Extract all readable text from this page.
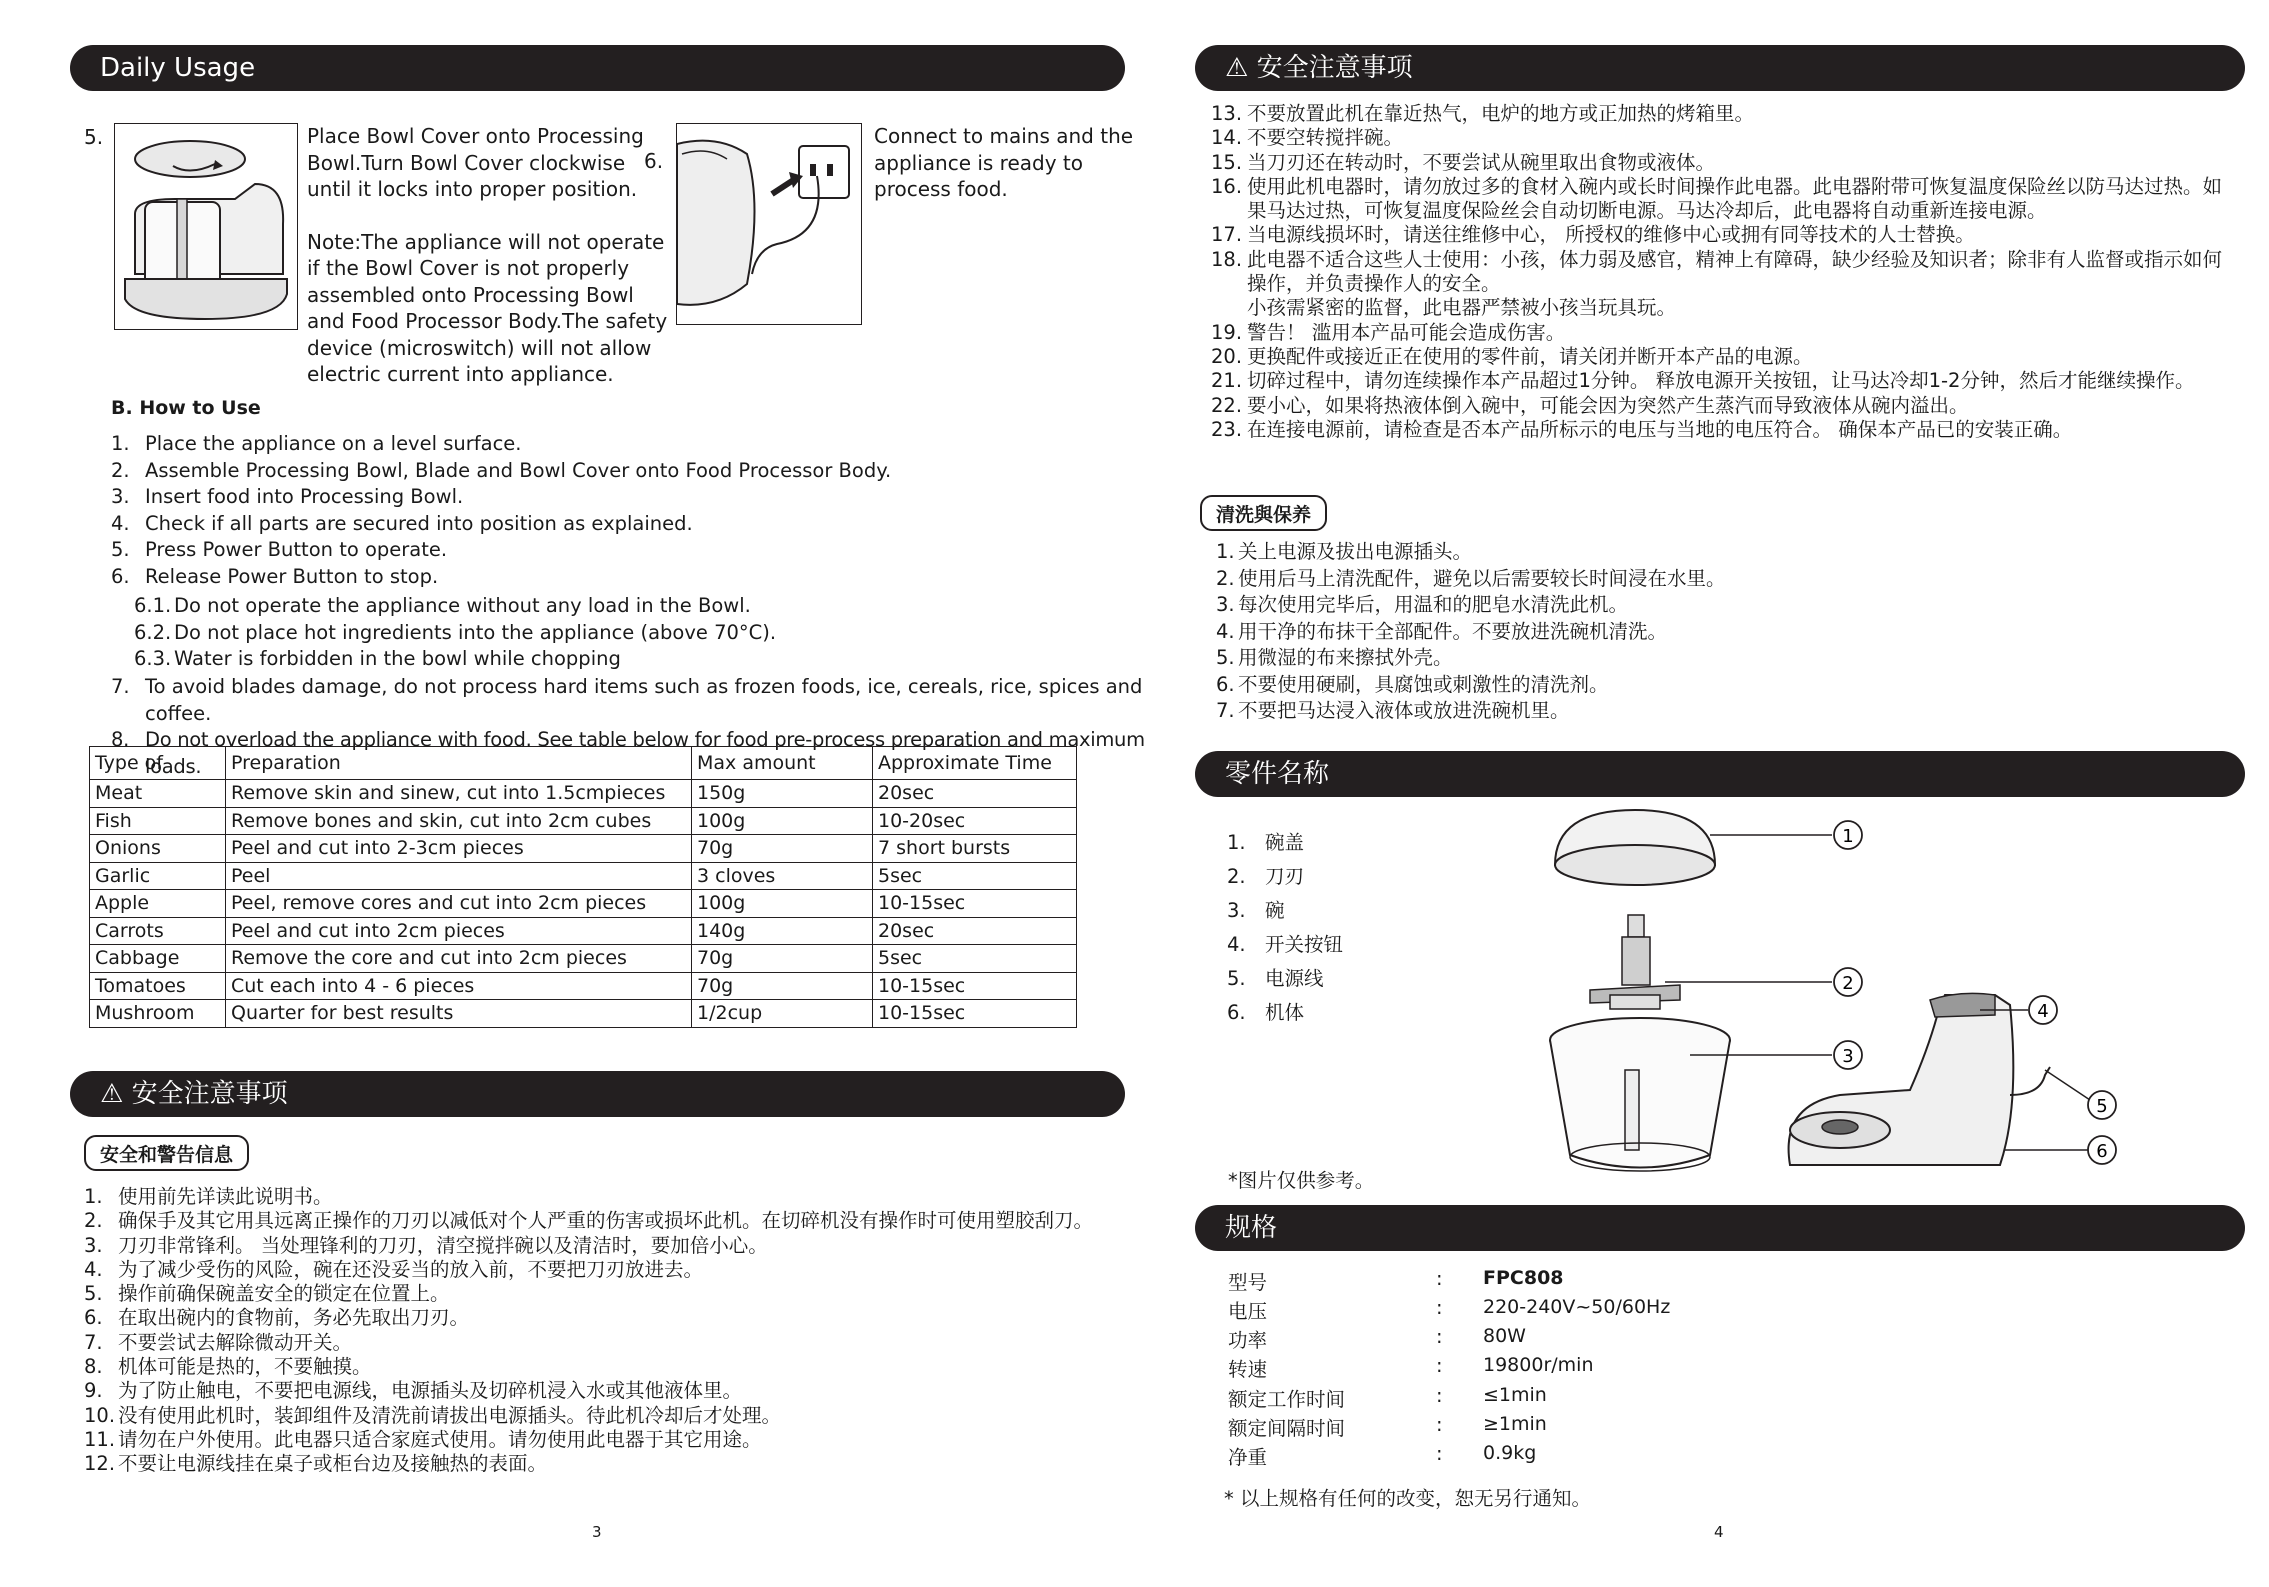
Daily Usage
5.	Place Bowl Cover onto Processing
Bowl.Turn Bowl Cover clockwise
until it locks into proper position.
Note:The appliance will not operate
if the Bowl Cover is not properly
assembled onto Processing Bowl
and Food Processor Body.The safety
device (microswitch) will not allow
electric current into appliance.
6.
Connect to mains and the
appliance is ready to
process food.
B. How to Use
1. Place the appliance on a level surface.
2. Assemble Processing Bowl, Blade and Bowl Cover onto Food Processor Body.
3. Insert food into Processing Bowl.
4. Check if all parts are secured into position as explained.
5. Press Power Button to operate.
6. Release Power Button to stop.
6.1. Do not operate the appliance without any load in the Bowl.
6.2. Do not place hot ingredients into the appliance (above 70°C).
6.3. Water is forbidden in the bowl while chopping
7. To avoid blades damage, do not process hard items such as frozen foods, ice, cereals, rice, spices and coffee.
8. Do not overload the appliance with food. See table below for food pre-process preparation and maximum loads.
Type of	Preparation	Max amount	Approximate Time
Meat	Remove skin and sinew, cut into 1.5cmpieces	150g	20sec
Fish	Remove bones and skin, cut into 2cm cubes	100g	10-20sec
Onions	Peel and cut into 2-3cm pieces	70g	7 short bursts
Garlic	Peel	3 cloves	5sec
Apple	Peel, remove cores and cut into 2cm pieces	100g	10-15sec
Carrots	Peel and cut into 2cm pieces	140g	20sec
Cabbage	Remove the core and cut into 2cm pieces	70g	5sec
Tomatoes	Cut each into 4 - 6 pieces	70g	10-15sec
Mushroom	Quarter for best results	1/2cup	10-15sec
⚠ 安全注意事项
安全和警告信息
1. 使用前先详读此说明书。
2. 确保手及其它用具远离正操作的刀刃以减低对个人严重的伤害或损坏此机。在切碎机没有操作时可使用塑胶刮刀。
3. 刀刃非常锋利。 当处理锋利的刀刃，清空搅拌碗以及清洁时，要加倍小心。
4. 为了减少受伤的风险，碗在还没妥当的放入前，不要把刀刃放进去。
5. 操作前确保碗盖安全的锁定在位置上。
6. 在取出碗内的食物前，务必先取出刀刃。
7. 不要尝试去解除微动开关。
8. 机体可能是热的，不要触摸。
9. 为了防止触电，不要把电源线，电源插头及切碎机浸入水或其他液体里。
10. 没有使用此机时，装卸组件及清洗前请拔出电源插头。待此机冷却后才处理。
11. 请勿在户外使用。此电器只适合家庭式使用。请勿使用此电器于其它用途。
12. 不要让电源线挂在桌子或柜台边及接触热的表面。
3
⚠ 安全注意事项
13. 不要放置此机在靠近热气，电炉的地方或正加热的烤箱里。
14. 不要空转搅拌碗。
15. 当刀刃还在转动时，不要尝试从碗里取出食物或液体。
16. 使用此机电器时，请勿放过多的食材入碗内或长时间操作此电器。此电器附带可恢复温度保险丝以防马达过热。如果马达过热，可恢复温度保险丝会自动切断电源。马达冷却后，此电器将自动重新连接电源。
17. 当电源线损坏时，请送往维修中心， 所授权的维修中心或拥有同等技术的人士替换。
18. 此电器不适合这些人士使用：小孩，体力弱及感官，精神上有障碍，缺少经验及知识者；除非有人监督或指示如何操作，并负责操作人的安全。
小孩需紧密的监督，此电器严禁被小孩当玩具玩。
19. 警告！ 滥用本产品可能会造成伤害。
20. 更换配件或接近正在使用的零件前，请关闭并断开本产品的电源。
21. 切碎过程中，请勿连续操作本产品超过1分钟。 释放电源开关按钮，让马达冷却1-2分钟，然后才能继续操作。
22. 要小心，如果将热液体倒入碗中，可能会因为突然产生蒸汽而导致液体从碗内溢出。
23. 在连接电源前，请检查是否本产品所标示的电压与当地的电压符合。 确保本产品已的安装正确。
清洗與保养
1. 关上电源及拔出电源插头。
2. 使用后马上清洗配件，避免以后需要较长时间浸在水里。
3. 每次使用完毕后，用温和的肥皂水清洗此机。
4. 用干净的布抹干全部配件。不要放进洗碗机清洗。
5. 用微湿的布来擦拭外壳。
6. 不要使用硬刷，具腐蚀或刺激性的清洗剂。
7. 不要把马达浸入液体或放进洗碗机里。
零件名称
1. 碗盖
2. 刀刃
3. 碗
4. 开关按钮
5. 电源线
6. 机体
1
2
3
4
5
6
*图片仅供参考。
规格
型号	: FPC808
电压	: 220-240V~50/60Hz
功率	: 80W
转速	: 19800r/min
额定工作时间	: ≤1min
额定间隔时间	: ≥1min
净重	: 0.9kg
* 以上规格有任何的改变，恕无另行通知。
4
